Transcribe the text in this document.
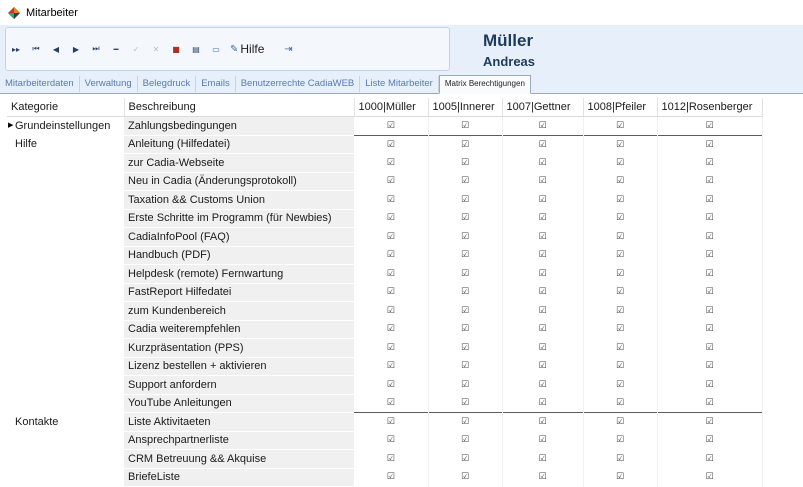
Mitarbeiter
▸▸	⏮	◀	▶	⏭	━	✓	✕	■	▤	▭	✎ Hilfe	⇥	Müller
Andreas
Mitarbeiterdaten	Verwaltung	Belegdruck	Emails	Benutzerrechte CadiaWEB	Liste Mitarbeiter	Matrix Berechtigungen
Kategorie	Beschreibung	1000|Müller	1005|Innerer	1007|Gettner	1008|Pfeiler	1012|Rosenberger

▶ Grundeinstellungen	Zahlungsbedingungen	☑	☑	☑	☑	☑
Hilfe	Anleitung (Hilfedatei)	☑	☑	☑	☑	☑
	zur Cadia-Webseite	☑	☑	☑	☑	☑
	Neu in Cadia (Änderungsprotokoll)	☑	☑	☑	☑	☑
	Taxation && Customs Union	☑	☑	☑	☑	☑
	Erste Schritte im Programm (für Newbies)	☑	☑	☑	☑	☑
	CadiaInfoPool (FAQ)	☑	☑	☑	☑	☑
	Handbuch (PDF)	☑	☑	☑	☑	☑
	Helpdesk (remote) Fernwartung	☑	☑	☑	☑	☑
	FastReport Hilfedatei	☑	☑	☑	☑	☑
	zum Kundenbereich	☑	☑	☑	☑	☑
	Cadia weiterempfehlen	☑	☑	☑	☑	☑
	Kurzpräsentation (PPS)	☑	☑	☑	☑	☑
	Lizenz bestellen + aktivieren	☑	☑	☑	☑	☑
	Support anfordern	☑	☑	☑	☑	☑
	YouTube Anleitungen	☑	☑	☑	☑	☑
Kontakte	Liste Aktivitaeten	☑	☑	☑	☑	☑
	Ansprechpartnerliste	☑	☑	☑	☑	☑
	CRM Betreuung && Akquise	☑	☑	☑	☑	☑
	BriefeListe	☑	☑	☑	☑	☑
